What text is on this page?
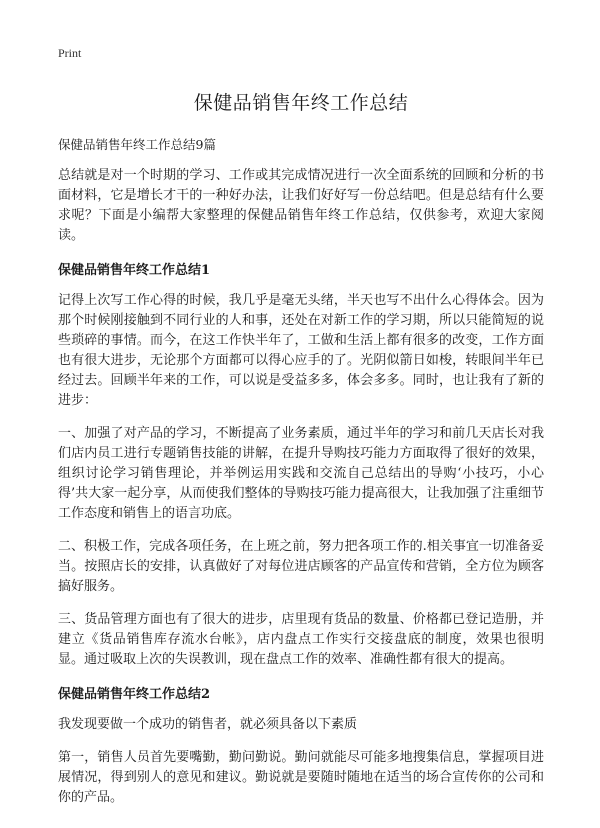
Print
保健品销售年终工作总结
保健品销售年终工作总结9篇

总结就是对一个时期的学习、工作或其完成情况进行一次全面系统的回顾和分析的书面材料，它是增长才干的一种好办法，让我们好好写一份总结吧。但是总结有什么要求呢？下面是小编帮大家整理的保健品销售年终工作总结，仅供参考，欢迎大家阅读。

保健品销售年终工作总结1

记得上次写工作心得的时候，我几乎是毫无头绪，半天也写不出什么心得体会。因为那个时候刚接触到不同行业的人和事，还处在对新工作的学习期，所以只能简短的说些琐碎的事情。而今，在这工作快半年了，工做和生活上都有很多的改变，工作方面也有很大进步，无论那个方面都可以得心应手的了。光阴似箭日如梭，转眼间半年已经过去。回顾半年来的工作，可以说是受益多多，体会多多。同时，也让我有了新的进步：

一、加强了对产品的学习，不断提高了业务素质，通过半年的学习和前几天店长对我们店内员工进行专题销售技能的讲解，在提升导购技巧能力方面取得了很好的效果，组织讨论学习销售理论，并举例运用实践和交流自己总结出的导购‘小技巧，小心得’共大家一起分享，从而使我们整体的导购技巧能力提高很大，让我加强了注重细节工作态度和销售上的语言功底。

二、积极工作，完成各项任务，在上班之前，努力把各项工作的.相关事宜一切准备妥当。按照店长的安排，认真做好了对每位进店顾客的产品宣传和营销，全方位为顾客搞好服务。

三、货品管理方面也有了很大的进步，店里现有货品的数量、价格都已登记造册，并建立《货品销售库存流水台帐》，店内盘点工作实行交接盘底的制度，效果也很明显。通过吸取上次的失误教训，现在盘点工作的效率、准确性都有很大的提高。

保健品销售年终工作总结2

我发现要做一个成功的销售者，就必须具备以下素质

第一，销售人员首先要嘴勤，勤问勤说。勤问就能尽可能多地搜集信息，掌握项目进展情况，得到别人的意见和建议。勤说就是要随时随地在适当的场合宣传你的公司和你的产品。
